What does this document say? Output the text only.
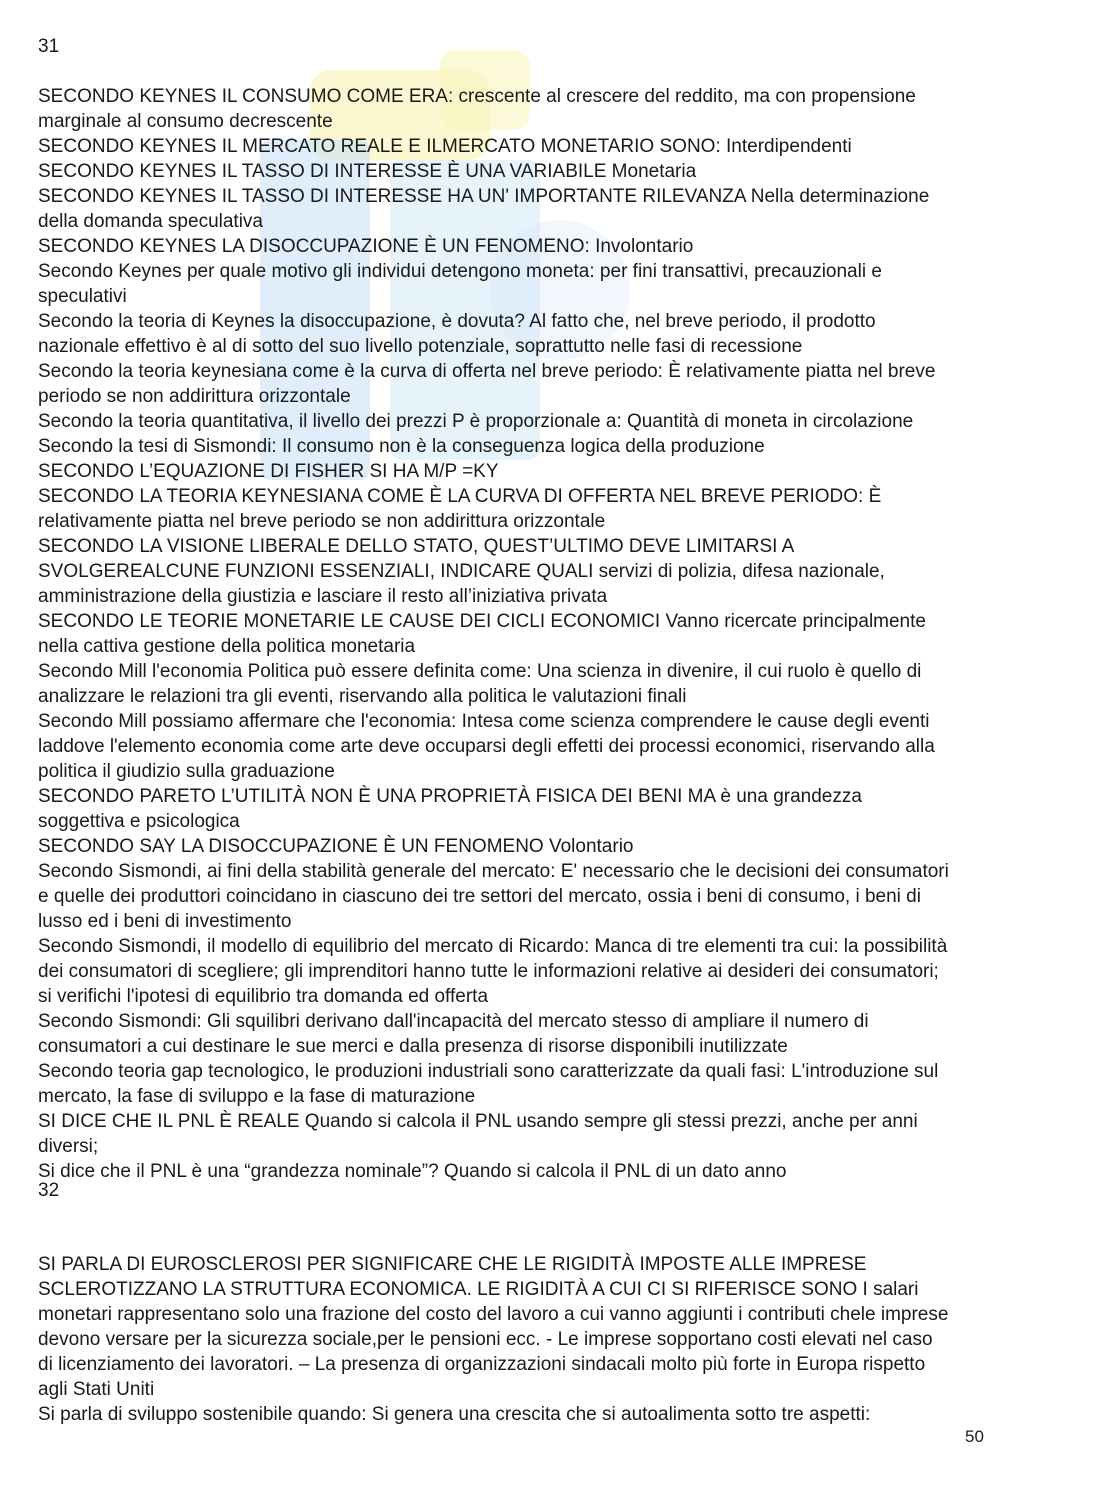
31
SECONDO KEYNES IL CONSUMO COME ERA: crescente al crescere del reddito, ma con propensione
marginale al consumo decrescente
SECONDO KEYNES IL MERCATO REALE E ILMERCATO MONETARIO SONO: Interdipendenti
SECONDO KEYNES IL TASSO DI INTERESSE È UNA VARIABILE Monetaria
SECONDO KEYNES IL TASSO DI INTERESSE HA UN' IMPORTANTE RILEVANZA Nella determinazione
della domanda speculativa
SECONDO KEYNES LA DISOCCUPAZIONE È UN FENOMENO: Involontario
Secondo Keynes per quale motivo gli individui detengono moneta: per fini transattivi, precauzionali e
speculativi
Secondo la teoria di Keynes la disoccupazione, è dovuta? Al fatto che, nel breve periodo, il prodotto
nazionale effettivo è al di sotto del suo livello potenziale, soprattutto nelle fasi di recessione
Secondo la teoria keynesiana come è la curva di offerta nel breve periodo: È relativamente piatta nel breve
periodo se non addirittura orizzontale
Secondo la teoria quantitativa, il livello dei prezzi P è proporzionale a: Quantità di moneta in circolazione
Secondo la tesi di Sismondi: Il consumo non è la conseguenza logica della produzione
SECONDO L’EQUAZIONE DI FISHER SI HA M/P =KY
SECONDO LA TEORIA KEYNESIANA COME È LA CURVA DI OFFERTA NEL BREVE PERIODO: È
relativamente piatta nel breve periodo se non addirittura orizzontale
SECONDO LA VISIONE LIBERALE DELLO STATO, QUEST’ULTIMO DEVE LIMITARSI A
SVOLGEREALCUNE FUNZIONI ESSENZIALI, INDICARE QUALI servizi di polizia, difesa nazionale,
amministrazione della giustizia e lasciare il resto all’iniziativa privata
SECONDO LE TEORIE MONETARIE LE CAUSE DEI CICLI ECONOMICI Vanno ricercate principalmente
nella cattiva gestione della politica monetaria
Secondo Mill l'economia Politica può essere definita come: Una scienza in divenire, il cui ruolo è quello di
analizzare le relazioni tra gli eventi, riservando alla politica le valutazioni finali
Secondo Mill possiamo affermare che l'economia: Intesa come scienza comprendere le cause degli eventi
laddove l'elemento economia come arte deve occuparsi degli effetti dei processi economici, riservando alla
politica il giudizio sulla graduazione
SECONDO PARETO L’UTILITÀ NON È UNA PROPRIETÀ FISICA DEI BENI MA è una grandezza
soggettiva e psicologica
SECONDO SAY LA DISOCCUPAZIONE È UN FENOMENO Volontario
Secondo Sismondi, ai fini della stabilità generale del mercato: E' necessario che le decisioni dei consumatori
e quelle dei produttori coincidano in ciascuno dei tre settori del mercato, ossia i beni di consumo, i beni di
lusso ed i beni di investimento
Secondo Sismondi, il modello di equilibrio del mercato di Ricardo: Manca di tre elementi tra cui: la possibilità
dei consumatori di scegliere; gli imprenditori hanno tutte le informazioni relative ai desideri dei consumatori;
si verifichi l'ipotesi di equilibrio tra domanda ed offerta
Secondo Sismondi: Gli squilibri derivano dall'incapacità del mercato stesso di ampliare il numero di
consumatori a cui destinare le sue merci e dalla presenza di risorse disponibili inutilizzate
Secondo teoria gap tecnologico, le produzioni industriali sono caratterizzate da quali fasi: L'introduzione sul
mercato, la fase di sviluppo e la fase di maturazione
SI DICE CHE IL PNL È REALE Quando si calcola il PNL usando sempre gli stessi prezzi, anche per anni
diversi;
Si dice che il PNL è una “grandezza nominale”? Quando si calcola il PNL di un dato anno
32
SI PARLA DI EUROSCLEROSI PER SIGNIFICARE CHE LE RIGIDITÀ IMPOSTE ALLE IMPRESE
SCLEROTIZZANO LA STRUTTURA ECONOMICA. LE RIGIDITÀ A CUI CI SI RIFERISCE SONO I salari
monetari rappresentano solo una frazione del costo del lavoro a cui vanno aggiunti i contributi chele imprese
devono versare per la sicurezza sociale,per le pensioni ecc. - Le imprese sopportano costi elevati nel caso
di licenziamento dei lavoratori. – La presenza di organizzazioni sindacali molto più forte in Europa rispetto
agli Stati Uniti
Si parla di sviluppo sostenibile quando: Si genera una crescita che si autoalimenta sotto tre aspetti:
50
